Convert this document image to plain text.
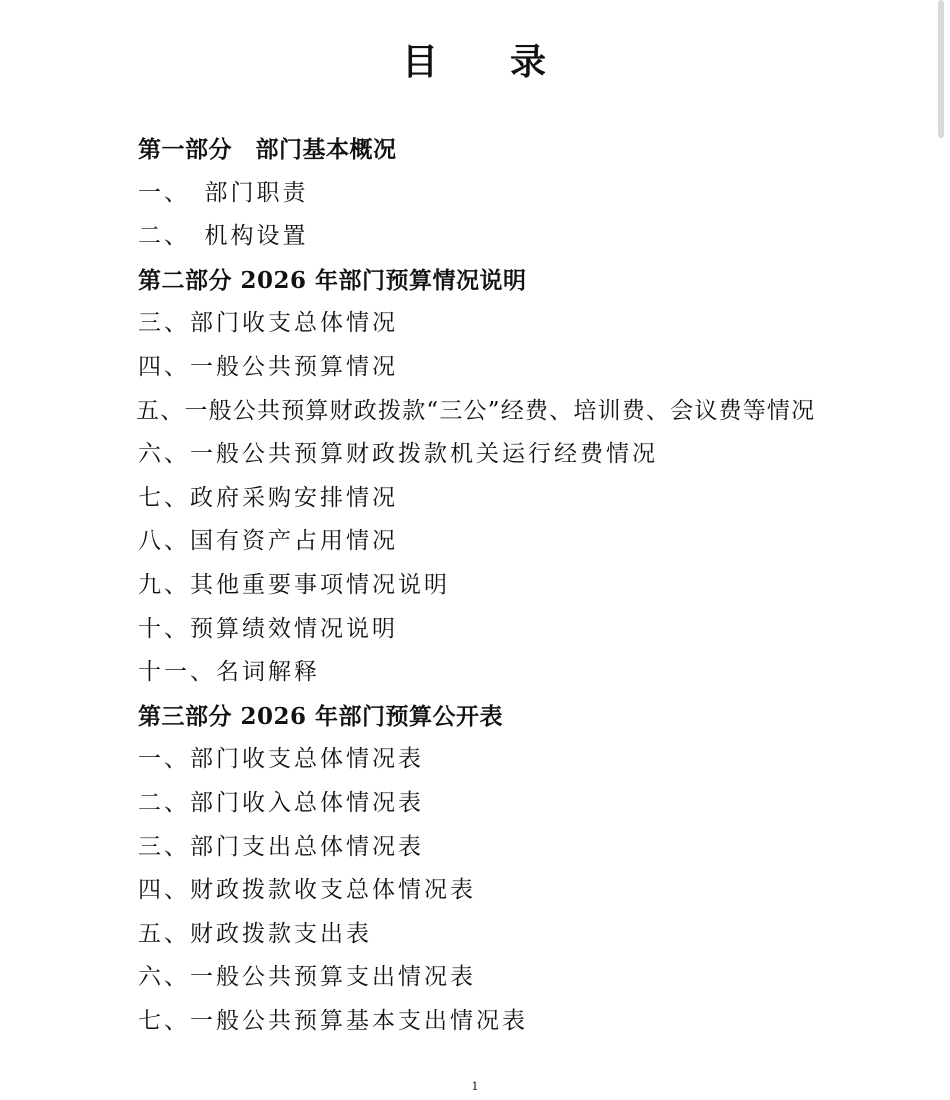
目 录
第一部分　部门基本概况
一、　部门职责
二、　机构设置
第二部分 2026 年部门预算情况说明
三、部门收支总体情况
四、一般公共预算情况
五、一般公共预算财政拨款“三公”经费、培训费、会议费等情况
六、一般公共预算财政拨款机关运行经费情况
七、政府采购安排情况
八、国有资产占用情况
九、其他重要事项情况说明
十、预算绩效情况说明
十一、名词解释
第三部分 2026 年部门预算公开表
一、部门收支总体情况表
二、部门收入总体情况表
三、部门支出总体情况表
四、财政拨款收支总体情况表
五、财政拨款支出表
六、一般公共预算支出情况表
七、一般公共预算基本支出情况表
1
